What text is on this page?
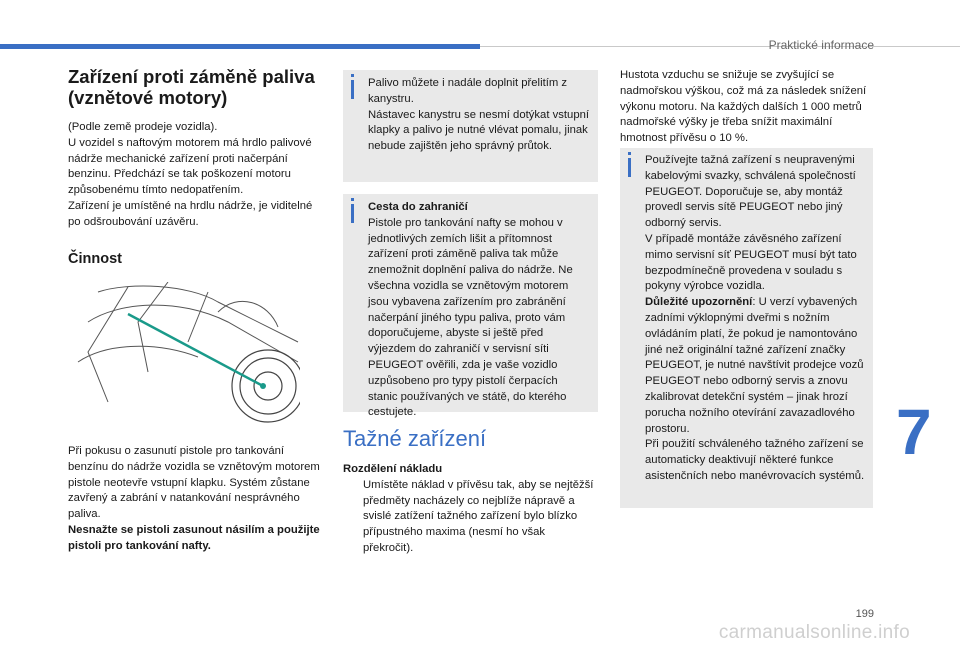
Praktické informace
7
199
carmanualsonline.info
Zařízení proti záměně paliva (vznětové motory)

(Podle země prodeje vozidla).

U vozidel s naftovým motorem má hrdlo palivové nádrže mechanické zařízení proti načerpání benzinu. Předchází se tak poškození motoru způsobenému tímto nedopatřením.

Zařízení je umístěné na hrdlu nádrže, je viditelné po odšroubování uzávěru.

Činnost

Při pokusu o zasunutí pistole pro tankování benzínu do nádrže vozidla se vznětovým motorem pistole neotevře vstupní klapku. Systém zůstane zavřený a zabrání v natankování nesprávného paliva.

Nesnažte se pistoli zasunout násilím a použijte pistoli pro tankování nafty.

Palivo můžete i nadále doplnit přelitím z kanystru.

Nástavec kanystru se nesmí dotýkat vstupní klapky a palivo je nutné vlévat pomalu, jinak nebude zajištěn jeho správný průtok.

Cesta do zahraničí

Pistole pro tankování nafty se mohou v jednotlivých zemích lišit a přítomnost zařízení proti záměně paliva tak může znemožnit doplnění paliva do nádrže. Ne všechna vozidla se vznětovým motorem jsou vybavena zařízením pro zabránění načerpání jiného typu paliva, proto vám doporučujeme, abyste si ještě před výjezdem do zahraničí v servisní síti PEUGEOT ověřili, zda je vaše vozidlo uzpůsobeno pro typy pistolí čerpacích stanic používaných ve státě, do kterého cestujete.

Tažné zařízení

Rozdělení nákladu

Umístěte náklad v přívěsu tak, aby se nejtěžší předměty nacházely co nejblíže nápravě a svislé zatížení tažného zařízení bylo blízko přípustného maxima (nesmí ho však překročit).

Hustota vzduchu se snižuje se zvyšující se nadmořskou výškou, což má za následek snížení výkonu motoru. Na každých dalších 1 000 metrů nadmořské výšky je třeba snížit maximální hmotnost přívěsu o 10 %.

Používejte tažná zařízení s neupravenými kabelovými svazky, schválená společností PEUGEOT. Doporučuje se, aby montáž provedl servis sítě PEUGEOT nebo jiný odborný servis.

V případě montáže závěsného zařízení mimo servisní síť PEUGEOT musí být tato bezpodmínečně provedena v souladu s pokyny výrobce vozidla.

Důležité upozornění: U verzí vybavených zadními výklopnými dveřmi s nožním ovládáním platí, že pokud je namontováno jiné než originální tažné zařízení značky PEUGEOT, je nutné navštívit prodejce vozů PEUGEOT nebo odborný servis a znovu zkalibrovat detekční systém – jinak hrozí porucha nožního otevírání zavazadlového prostoru.

Při použití schváleného tažného zařízení se automaticky deaktivují některé funkce asistenčních nebo manévrovacích systémů.
